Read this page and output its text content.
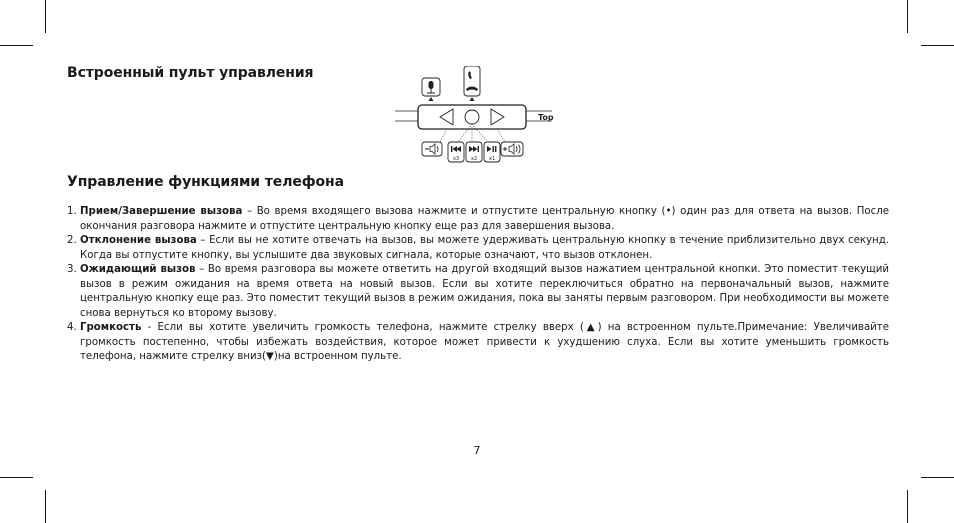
Встроенный пульт управления
Top
x3 x2 x1
Управление функциями телефона
1. Прием/Завершение вызова – Во время входящего вызова нажмите и отпустите центральную кнопку (•) один раз для ответа на вызов. После окончания разговора нажмите и отпустите центральную кнопку еще раз для завершения вызова.
2. Отклонение вызова – Если вы не хотите отвечать на вызов, вы можете удерживать центральную кнопку в течение приблизительно двух секунд. Когда вы отпустите кнопку, вы услышите два звуковых сигнала, которые означают, что вызов отклонен.
3. Ожидающий вызов – Во время разговора вы можете ответить на другой входящий вызов нажатием центральной кнопки. Это поместит текущий вызов в режим ожидания на время ответа на новый вызов. Если вы хотите переключиться обратно на первоначальный вызов, нажмите центральную кнопку еще раз. Это поместит текущий вызов в режим ожидания, пока вы заняты первым разговором. При необходимости вы можете снова вернуться ко второму вызову.
4. Громкость - Если вы хотите увеличить громкость телефона, нажмите стрелку вверх (▲) на встроенном пульте.Примечание: Увеличивайте громкость постепенно, чтобы избежать воздействия, которое может привести к ухудшению слуха. Если вы хотите уменьшить громкость телефона, нажмите стрелку вниз(▼)на встроенном пульте.
7
